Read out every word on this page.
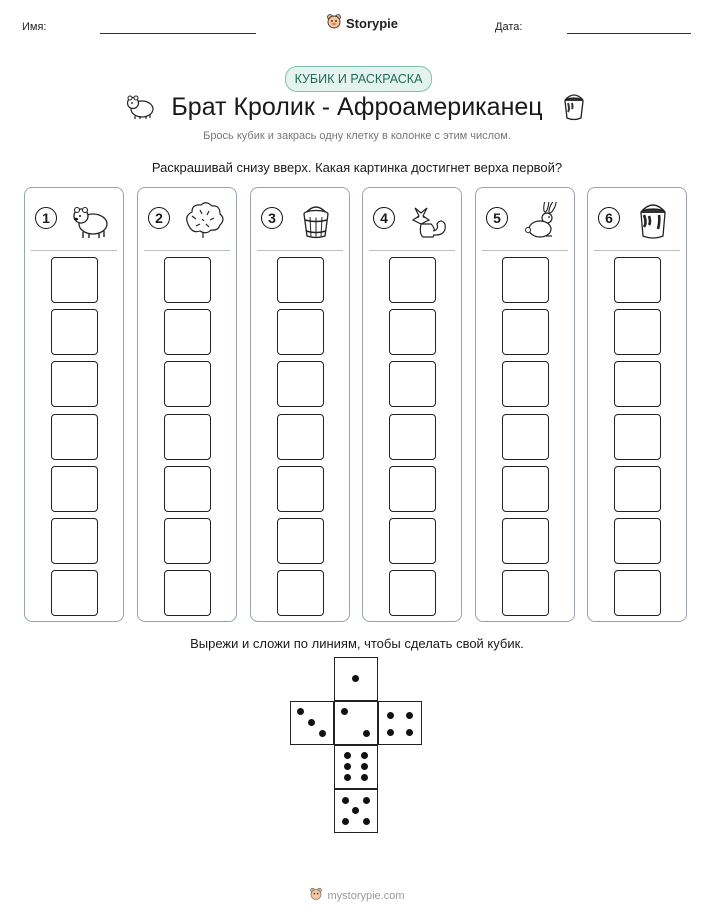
Имя:	Storypie	Дата:
КУБИК И РАСКРАСКА
Брат Кролик - Афроамериканец
Брось кубик и закрась одну клетку в колонке с этим числом.
Раскрашивай снизу вверх. Какая картинка достигнет верха первой?
1	2	3	4	5	6
Вырежи и сложи по линиям, чтобы сделать свой кубик.
mystorypie.com
